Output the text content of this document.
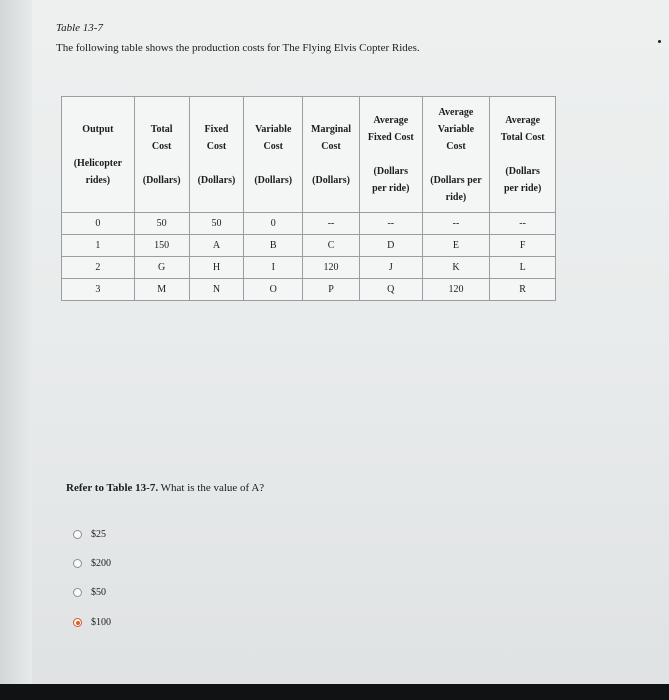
Table 13-7
The following table shows the production costs for The Flying Elvis Copter Rides.
Output

(Helicopter
rides)	Total
Cost

(Dollars)	Fixed
Cost

(Dollars)	Variable
Cost

(Dollars)	Marginal
Cost

(Dollars)	Average
Fixed Cost

(Dollars
per ride)	Average
Variable
Cost

(Dollars per
ride)	Average
Total Cost

(Dollars
per ride)
0	50	50	0	--	--	--	--
1	150	A	B	C	D	E	F
2	G	H	I	120	J	K	L
3	M	N	O	P	Q	120	R
Refer to Table 13-7. What is the value of A?
$25
$200
$50
$100
